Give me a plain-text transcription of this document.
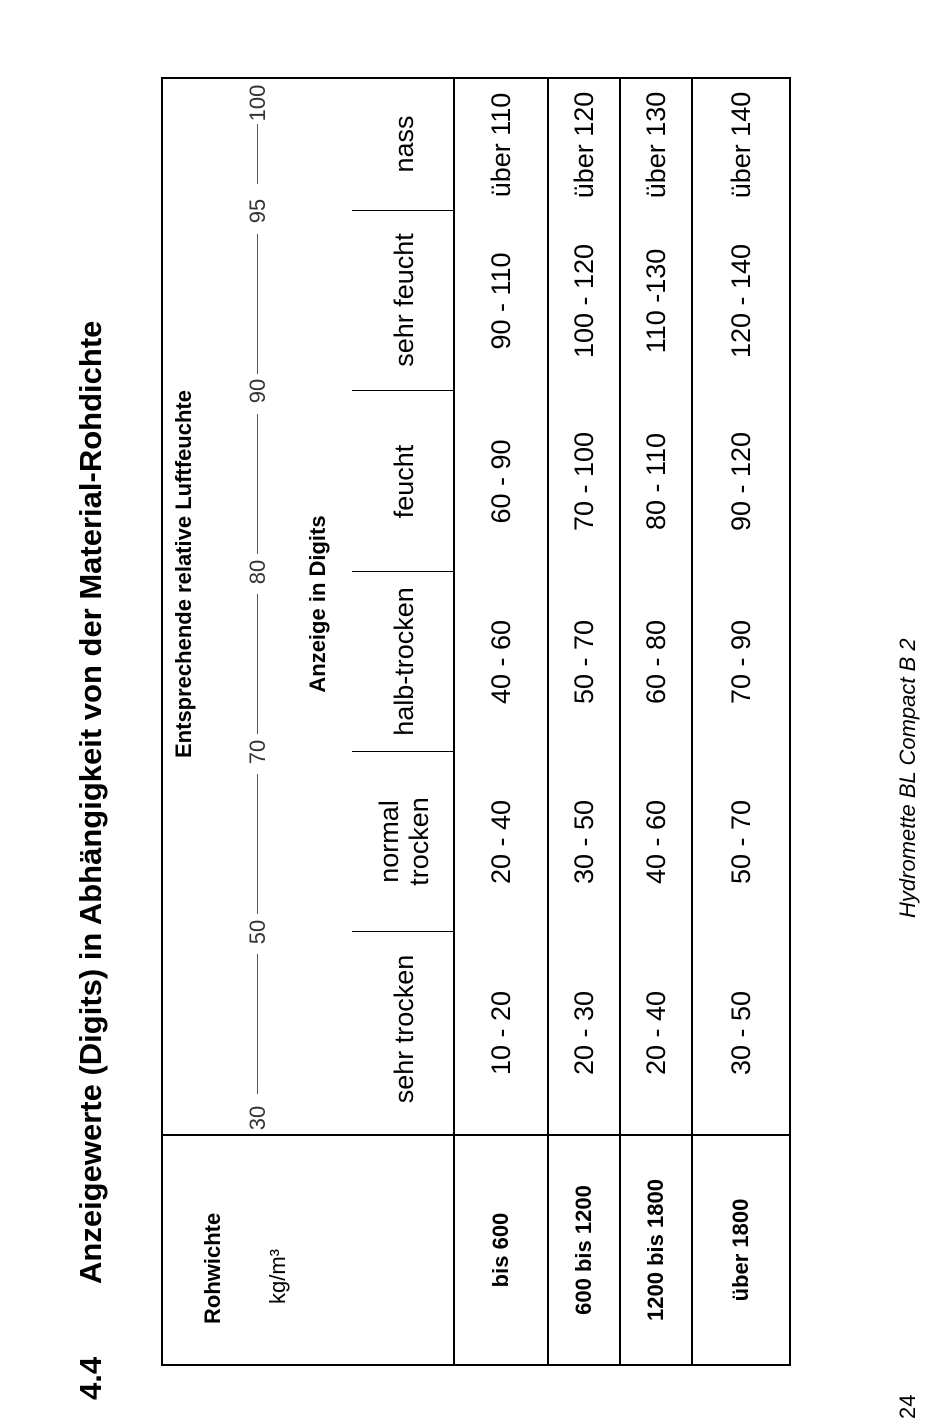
4.4
Anzeigewerte (Digits) in Abhängigkeit von der Material-Rohdichte	Rohwichte	kg/m³
Entsprechende relative Luftfeuchte
30
50
70
80
90
95
100
Anzeige in Digits
sehr trocken
normal trocken
halb-trocken
feucht
sehr feucht
nass
bis 600
10 - 20
20 - 40
40 - 60
60 - 90
90 - 110
über 110
600 bis 1200
20 - 30
30 - 50
50 - 70
70 - 100
100 - 120
über 120
1200 bis 1800
20 - 40
40 - 60
60 - 80
80 - 110
110 -130
über 130
über 1800
30 - 50
50 - 70
70 - 90
90 - 120
120 - 140
über 140
24
Hydromette BL Compact B 2
